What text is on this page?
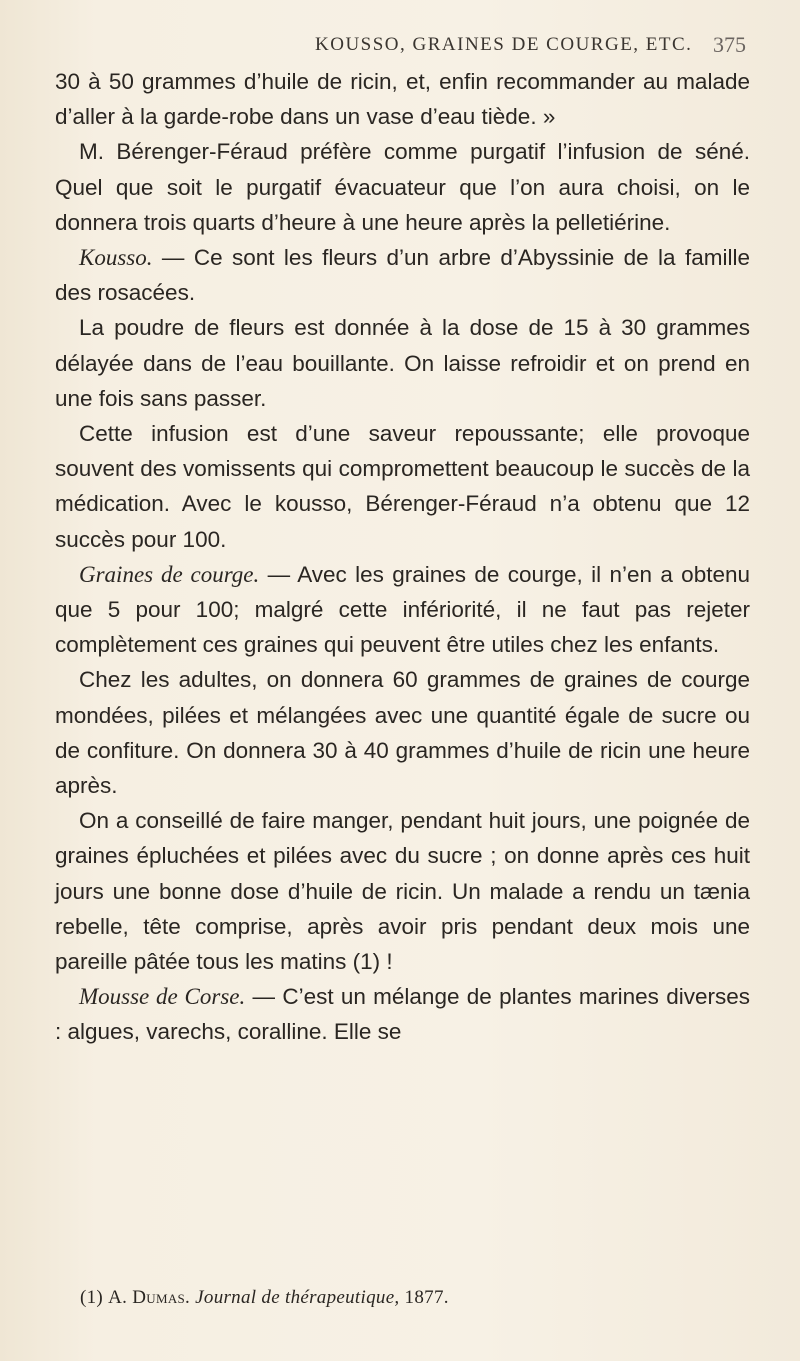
KOUSSO, GRAINES DE COURGE, ETC. 375

30 à 50 grammes d’huile de ricin, et, enfin recommander au malade d’aller à la garde-robe dans un vase d’eau tiède. »

M. Bérenger-Féraud préfère comme purgatif l’infusion de séné. Quel que soit le purgatif évacuateur que l’on aura choisi, on le donnera trois quarts d’heure à une heure après la pelletiérine.

Kousso. — Ce sont les fleurs d’un arbre d’Abyssinie de la famille des rosacées.

La poudre de fleurs est donnée à la dose de 15 à 30 grammes délayée dans de l’eau bouillante. On laisse refroidir et on prend en une fois sans passer.

Cette infusion est d’une saveur repoussante; elle provoque souvent des vomissents qui compromettent beaucoup le succès de la médication. Avec le kousso, Bérenger-Féraud n’a obtenu que 12 succès pour 100.

Graines de courge. — Avec les graines de courge, il n’en a obtenu que 5 pour 100; malgré cette infériorité, il ne faut pas rejeter complètement ces graines qui peuvent être utiles chez les enfants.

Chez les adultes, on donnera 60 grammes de graines de courge mondées, pilées et mélangées avec une quantité égale de sucre ou de confiture. On donnera 30 à 40 grammes d’huile de ricin une heure après.

On a conseillé de faire manger, pendant huit jours, une poignée de graines épluchées et pilées avec du sucre ; on donne après ces huit jours une bonne dose d’huile de ricin. Un malade a rendu un tænia rebelle, tête comprise, après avoir pris pendant deux mois une pareille pâtée tous les matins (1) !

Mousse de Corse. — C’est un mélange de plantes marines diverses : algues, varechs, coralline. Elle se

(1) A. Dumas. Journal de thérapeutique, 1877.
